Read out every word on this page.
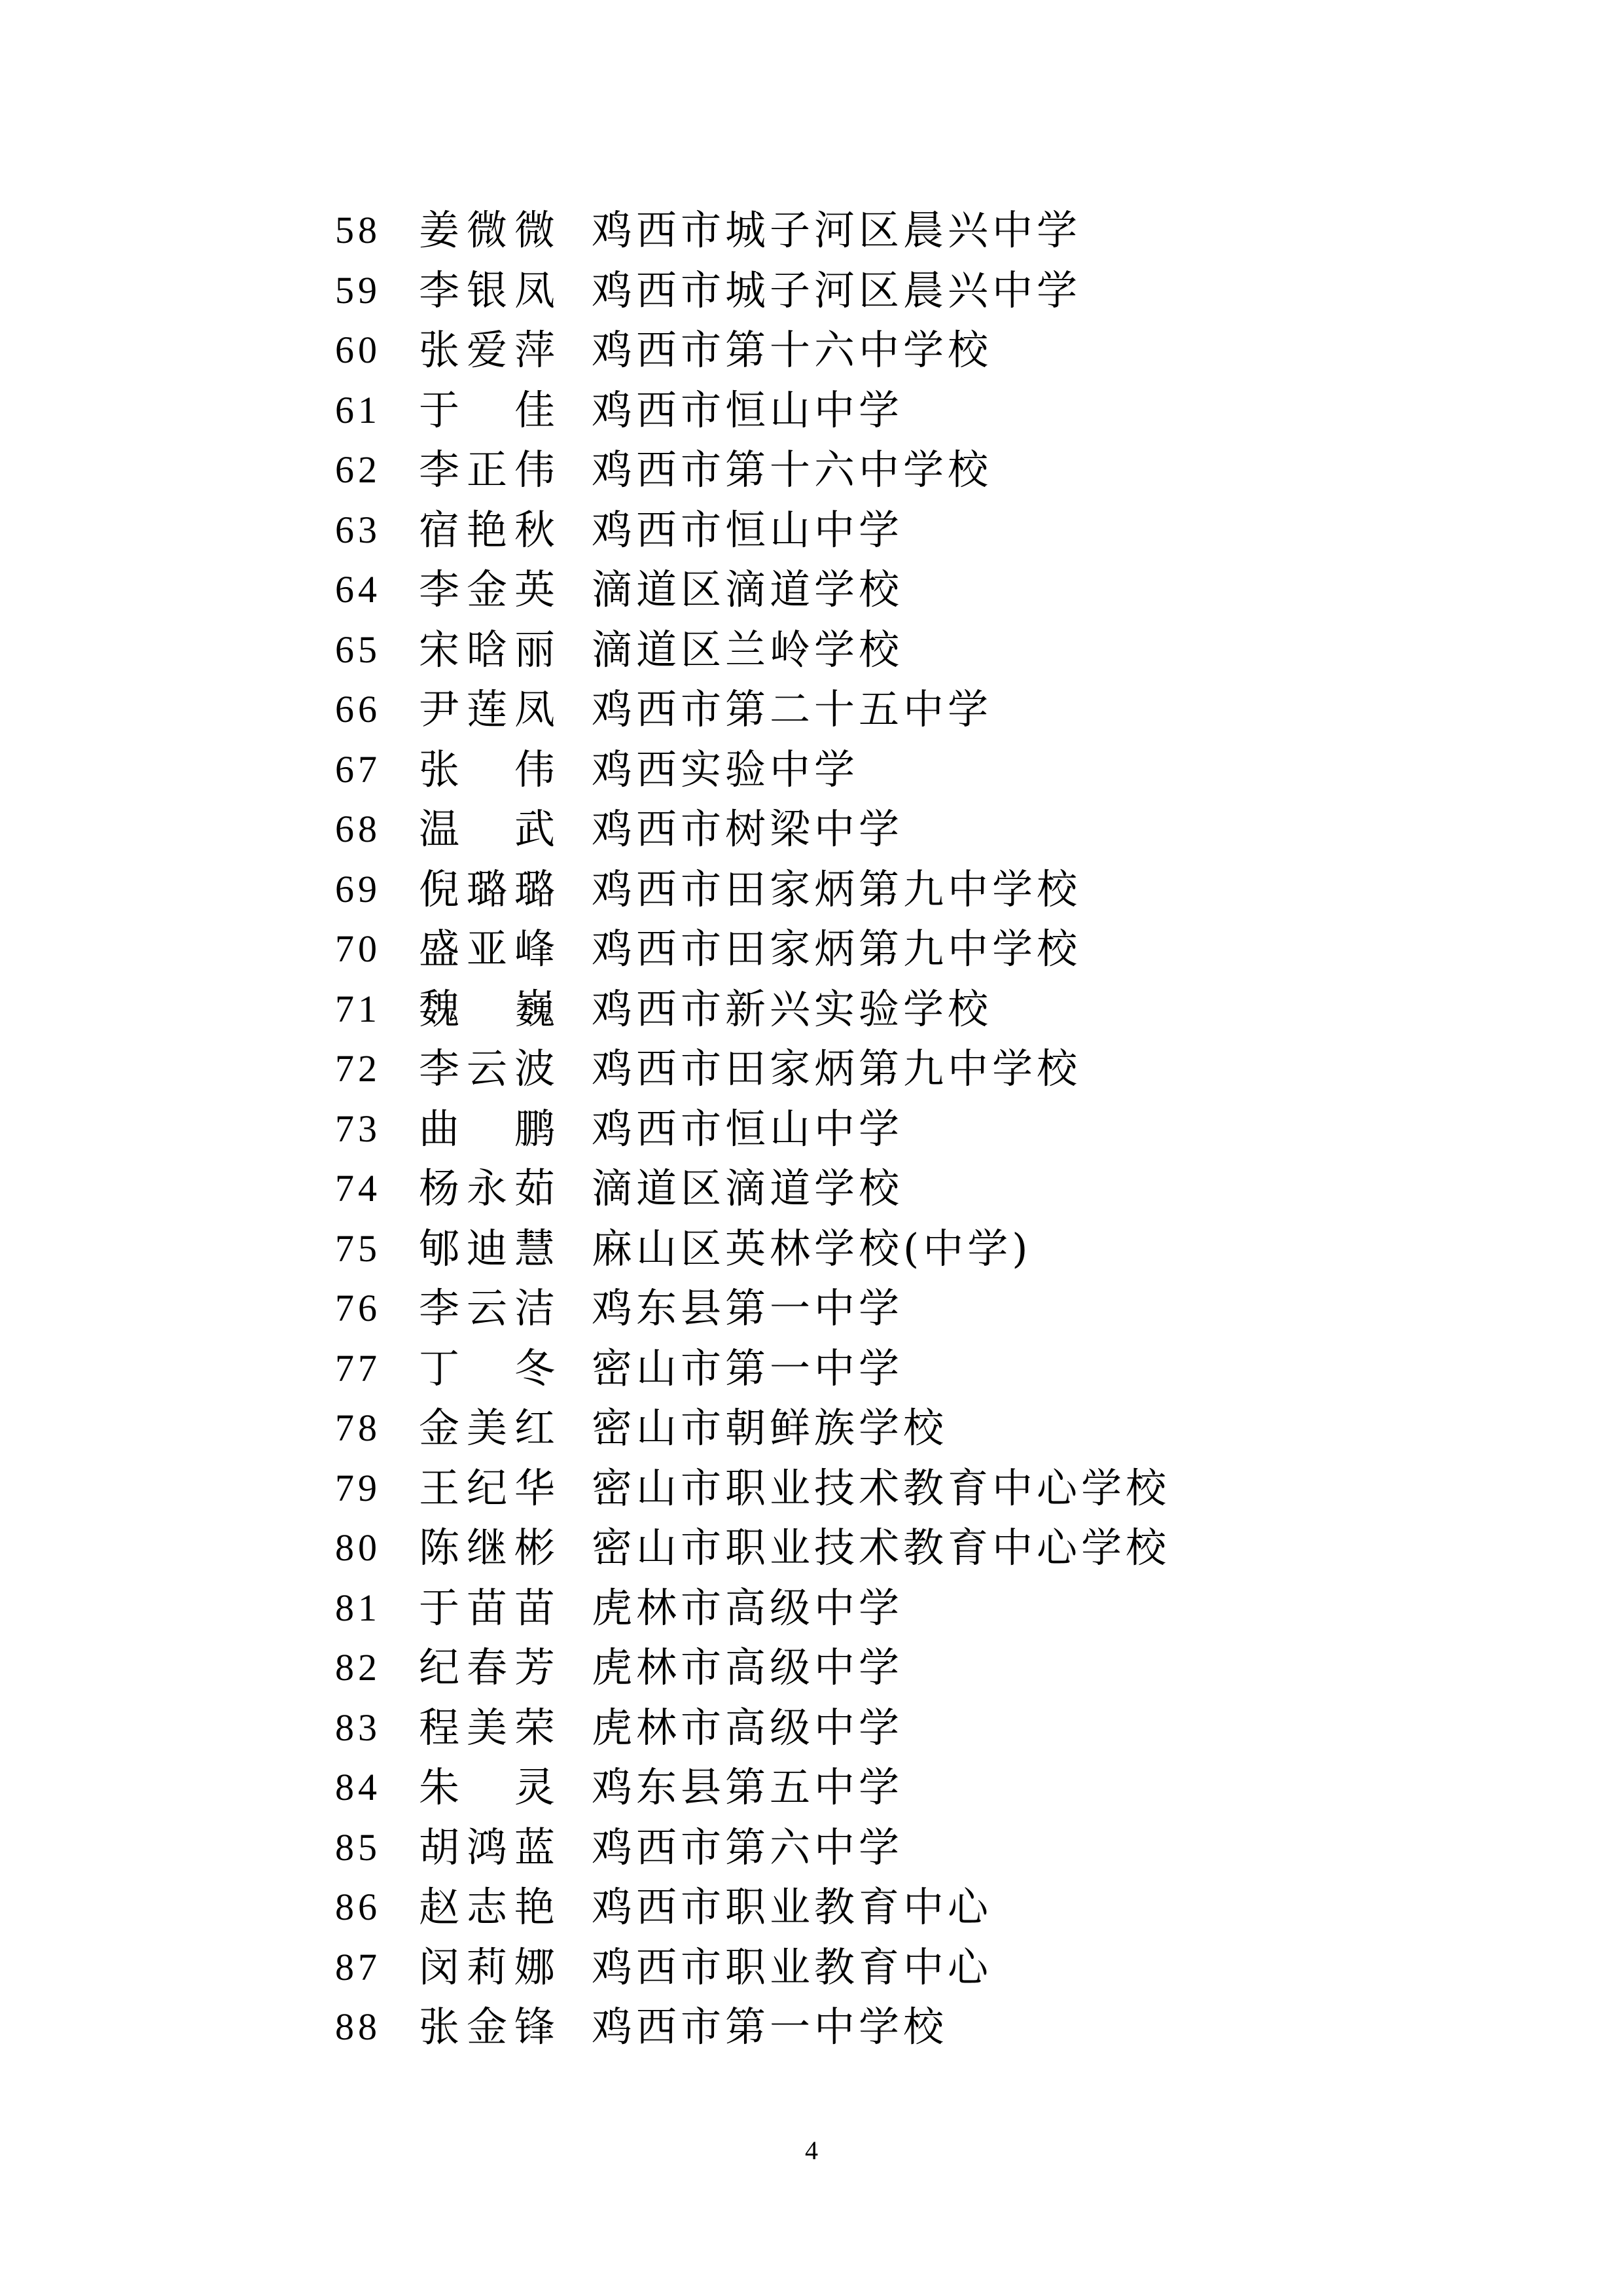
58 姜微微 鸡西市城子河区晨兴中学
59 李银凤 鸡西市城子河区晨兴中学
60 张爱萍 鸡西市第十六中学校
61 于　佳 鸡西市恒山中学
62 李正伟 鸡西市第十六中学校
63 宿艳秋 鸡西市恒山中学
64 李金英 滴道区滴道学校
65 宋晗丽 滴道区兰岭学校
66 尹莲凤 鸡西市第二十五中学
67 张　伟 鸡西实验中学
68 温　武 鸡西市树梁中学
69 倪璐璐 鸡西市田家炳第九中学校
70 盛亚峰 鸡西市田家炳第九中学校
71 魏　巍 鸡西市新兴实验学校
72 李云波 鸡西市田家炳第九中学校
73 曲　鹏 鸡西市恒山中学
74 杨永茹 滴道区滴道学校
75 郇迪慧 麻山区英林学校(中学)
76 李云洁 鸡东县第一中学
77 丁　冬 密山市第一中学
78 金美红 密山市朝鲜族学校
79 王纪华 密山市职业技术教育中心学校
80 陈继彬 密山市职业技术教育中心学校
81 于苗苗 虎林市高级中学
82 纪春芳 虎林市高级中学
83 程美荣 虎林市高级中学
84 朱　灵 鸡东县第五中学
85 胡鸿蓝 鸡西市第六中学
86 赵志艳 鸡西市职业教育中心
87 闵莉娜 鸡西市职业教育中心
88 张金锋 鸡西市第一中学校
4
